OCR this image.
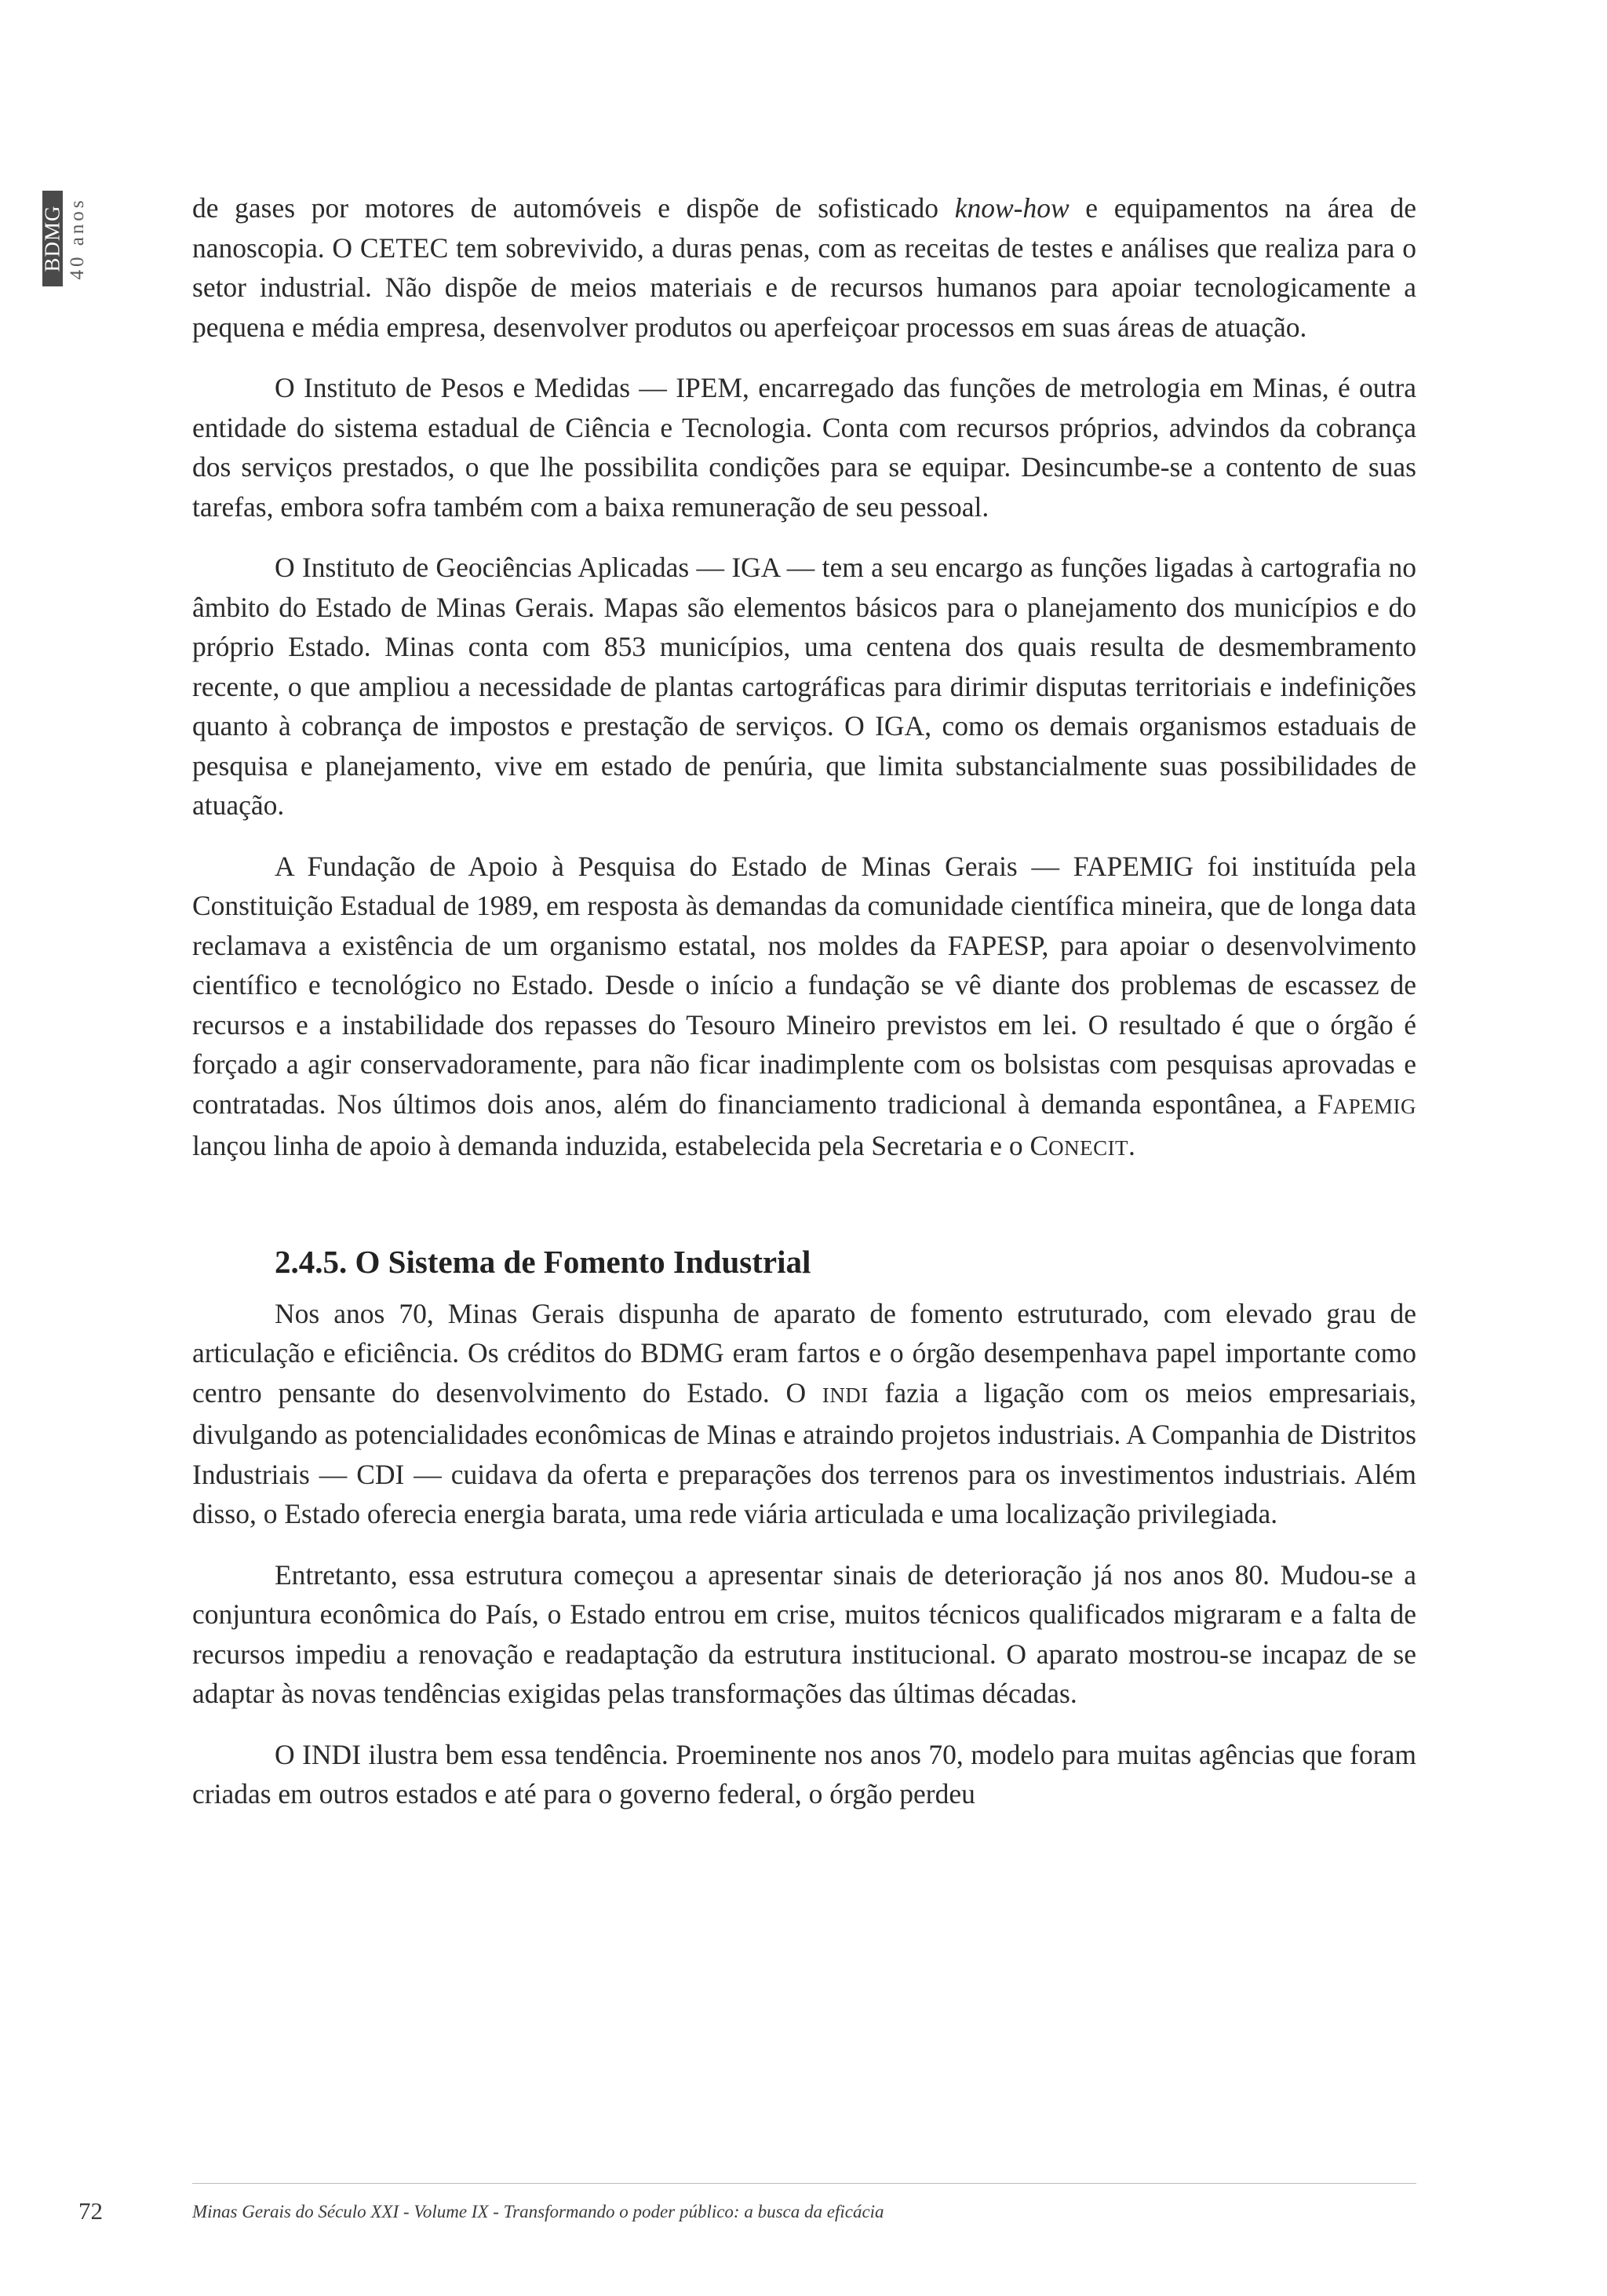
BDMG 40 anos	de gases por motores de automóveis e dispõe de sofisticado know-how e equipamentos na área de nanoscopia. O CETEC tem sobrevivido, a duras penas, com as receitas de testes e análises que realiza para o setor industrial. Não dispõe de meios materiais e de recursos humanos para apoiar tecnologicamente a pequena e média empresa, desenvolver produtos ou aperfeiçoar processos em suas áreas de atuação.

O Instituto de Pesos e Medidas — IPEM, encarregado das funções de metrologia em Minas, é outra entidade do sistema estadual de Ciência e Tecnologia. Conta com recursos próprios, advindos da cobrança dos serviços prestados, o que lhe possibilita condições para se equipar. Desincumbe-se a contento de suas tarefas, embora sofra também com a baixa remuneração de seu pessoal.

O Instituto de Geociências Aplicadas — IGA — tem a seu encargo as funções ligadas à cartografia no âmbito do Estado de Minas Gerais. Mapas são elementos básicos para o planejamento dos municípios e do próprio Estado. Minas conta com 853 municípios, uma centena dos quais resulta de desmembramento recente, o que ampliou a necessidade de plantas cartográficas para dirimir disputas territoriais e indefinições quanto à cobrança de impostos e prestação de serviços. O IGA, como os demais organismos estaduais de pesquisa e planejamento, vive em estado de penúria, que limita substancialmente suas possibilidades de atuação.

A Fundação de Apoio à Pesquisa do Estado de Minas Gerais — FAPEMIG foi instituída pela Constituição Estadual de 1989, em resposta às demandas da comunidade científica mineira, que de longa data reclamava a existência de um organismo estatal, nos moldes da FAPESP, para apoiar o desenvolvimento científico e tecnológico no Estado. Desde o início a fundação se vê diante dos problemas de escassez de recursos e a instabilidade dos repasses do Tesouro Mineiro previstos em lei. O resultado é que o órgão é forçado a agir conservadoramente, para não ficar inadimplente com os bolsistas com pesquisas aprovadas e contratadas. Nos últimos dois anos, além do financiamento tradicional à demanda espontânea, a FAPEMIG lançou linha de apoio à demanda induzida, estabelecida pela Secretaria e o CONECIT.

2.4.5. O Sistema de Fomento Industrial

Nos anos 70, Minas Gerais dispunha de aparato de fomento estruturado, com elevado grau de articulação e eficiência. Os créditos do BDMG eram fartos e o órgão desempenhava papel importante como centro pensante do desenvolvimento do Estado. O INDI fazia a ligação com os meios empresariais, divulgando as potencialidades econômicas de Minas e atraindo projetos industriais. A Companhia de Distritos Industriais — CDI — cuidava da oferta e preparações dos terrenos para os investimentos industriais. Além disso, o Estado oferecia energia barata, uma rede viária articulada e uma localização privilegiada.

Entretanto, essa estrutura começou a apresentar sinais de deterioração já nos anos 80. Mudou-se a conjuntura econômica do País, o Estado entrou em crise, muitos técnicos qualificados migraram e a falta de recursos impediu a renovação e readaptação da estrutura institucional. O aparato mostrou-se incapaz de se adaptar às novas tendências exigidas pelas transformações das últimas décadas.

O INDI ilustra bem essa tendência. Proeminente nos anos 70, modelo para muitas agências que foram criadas em outros estados e até para o governo federal, o órgão perdeu

72	Minas Gerais do Século XXI - Volume IX - Transformando o poder público: a busca da eficácia
